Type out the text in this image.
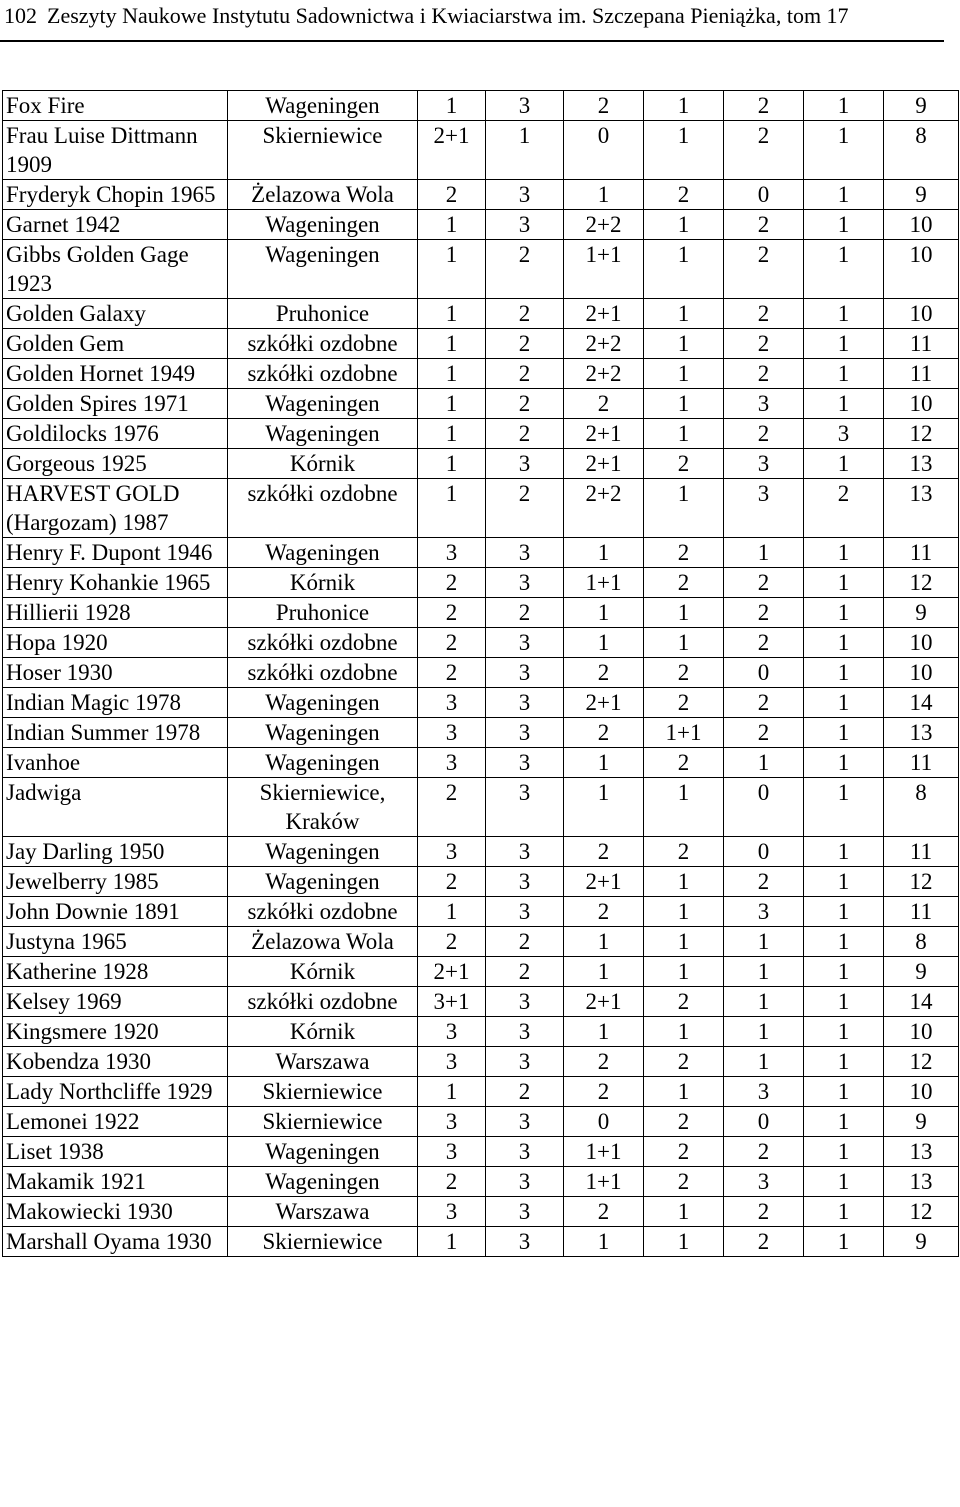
102 Zeszyty Naukowe Instytutu Sadownictwa i Kwiaciarstwa im. Szczepana Pieniążka, tom 17
Fox Fire	Wageningen	1	3	2	1	2	1	9
Frau Luise Dittmann 1909	Skierniewice	2+1	1	0	1	2	1	8
Fryderyk Chopin 1965	Żelazowa Wola	2	3	1	2	0	1	9
Garnet 1942	Wageningen	1	3	2+2	1	2	1	10
Gibbs Golden Gage 1923	Wageningen	1	2	1+1	1	2	1	10
Golden Galaxy	Pruhonice	1	2	2+1	1	2	1	10
Golden Gem	szkółki ozdobne	1	2	2+2	1	2	1	11
Golden Hornet 1949	szkółki ozdobne	1	2	2+2	1	2	1	11
Golden Spires 1971	Wageningen	1	2	2	1	3	1	10
Goldilocks 1976	Wageningen	1	2	2+1	1	2	3	12
Gorgeous 1925	Kórnik	1	3	2+1	2	3	1	13
HARVEST GOLD (Hargozam) 1987	szkółki ozdobne	1	2	2+2	1	3	2	13
Henry F. Dupont 1946	Wageningen	3	3	1	2	1	1	11
Henry Kohankie 1965	Kórnik	2	3	1+1	2	2	1	12
Hillierii 1928	Pruhonice	2	2	1	1	2	1	9
Hopa 1920	szkółki ozdobne	2	3	1	1	2	1	10
Hoser 1930	szkółki ozdobne	2	3	2	2	0	1	10
Indian Magic 1978	Wageningen	3	3	2+1	2	2	1	14
Indian Summer 1978	Wageningen	3	3	2	1+1	2	1	13
Ivanhoe	Wageningen	3	3	1	2	1	1	11
Jadwiga	Skierniewice, Kraków	2	3	1	1	0	1	8
Jay Darling 1950	Wageningen	3	3	2	2	0	1	11
Jewelberry 1985	Wageningen	2	3	2+1	1	2	1	12
John Downie 1891	szkółki ozdobne	1	3	2	1	3	1	11
Justyna 1965	Żelazowa Wola	2	2	1	1	1	1	8
Katherine 1928	Kórnik	2+1	2	1	1	1	1	9
Kelsey 1969	szkółki ozdobne	3+1	3	2+1	2	1	1	14
Kingsmere 1920	Kórnik	3	3	1	1	1	1	10
Kobendza 1930	Warszawa	3	3	2	2	1	1	12
Lady Northcliffe 1929	Skierniewice	1	2	2	1	3	1	10
Lemonei 1922	Skierniewice	3	3	0	2	0	1	9
Liset 1938	Wageningen	3	3	1+1	2	2	1	13
Makamik 1921	Wageningen	2	3	1+1	2	3	1	13
Makowiecki 1930	Warszawa	3	3	2	1	2	1	12
Marshall Oyama 1930	Skierniewice	1	3	1	1	2	1	9
